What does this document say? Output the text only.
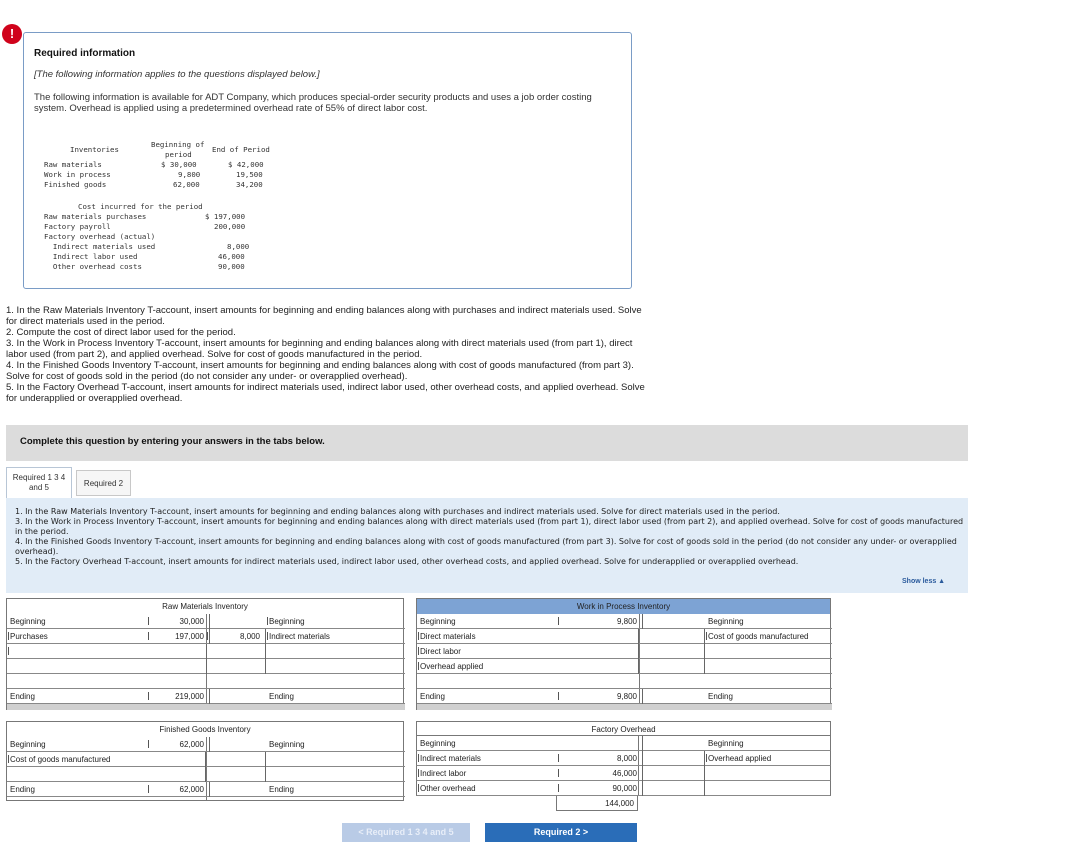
!
Required information
[The following information applies to the questions displayed below.]
The following information is available for ADT Company, which produces special-order security products and uses a job order costing system. Overhead is applied using a predetermined overhead rate of 55% of direct labor cost.
Inventories
Beginning of
period
End of Period
Raw materials	$ 30,000	$ 42,000
Work in process	9,800	19,500
Finished goods	62,000	34,200
Cost incurred for the period
Raw materials purchases	$ 197,000
Factory payroll	200,000
Factory overhead (actual)
Indirect materials used	8,000
Indirect labor used	46,000
Other overhead costs	90,000
1. In the Raw Materials Inventory T-account, insert amounts for beginning and ending balances along with purchases and indirect materials used. Solve for direct materials used in the period.
2. Compute the cost of direct labor used for the period.
3. In the Work in Process Inventory T-account, insert amounts for beginning and ending balances along with direct materials used (from part 1), direct labor used (from part 2), and applied overhead. Solve for cost of goods manufactured in the period.
4. In the Finished Goods Inventory T-account, insert amounts for beginning and ending balances along with cost of goods manufactured (from part 3). Solve for cost of goods sold in the period (do not consider any under- or overapplied overhead).
5. In the Factory Overhead T-account, insert amounts for indirect materials used, indirect labor used, other overhead costs, and applied overhead. Solve for underapplied or overapplied overhead.
Complete this question by entering your answers in the tabs below.
Required 1 3 4
and 5	Required 2
1. In the Raw Materials Inventory T-account, insert amounts for beginning and ending balances along with purchases and indirect materials used. Solve for direct materials used in the period.
3. In the Work in Process Inventory T-account, insert amounts for beginning and ending balances along with direct materials used (from part 1), direct labor used (from part 2), and applied overhead. Solve for cost of goods manufactured in the period.
4. In the Finished Goods Inventory T-account, insert amounts for beginning and ending balances along with cost of goods manufactured (from part 3). Solve for cost of goods sold in the period (do not consider any under- or overapplied overhead).
5. In the Factory Overhead T-account, insert amounts for indirect materials used, indirect labor used, other overhead costs, and applied overhead. Solve for underapplied or overapplied overhead.
Show less ▲
Raw Materials Inventory
Beginning	30,000	Beginning
Purchases	197,000	8,000	Indirect materials
Ending	219,000	Ending
Work in Process Inventory
Beginning	9,800	Beginning
Direct materials	Cost of goods manufactured
Direct labor
Overhead applied
Ending	9,800	Ending
Finished Goods Inventory
Beginning	62,000	Beginning
Cost of goods manufactured
Ending	62,000	Ending
Factory Overhead
Beginning	Beginning
Indirect materials	8,000	Overhead applied
Indirect labor	46,000
Other overhead	90,000
144,000
< Required 1 3 4 and 5	Required 2 >
